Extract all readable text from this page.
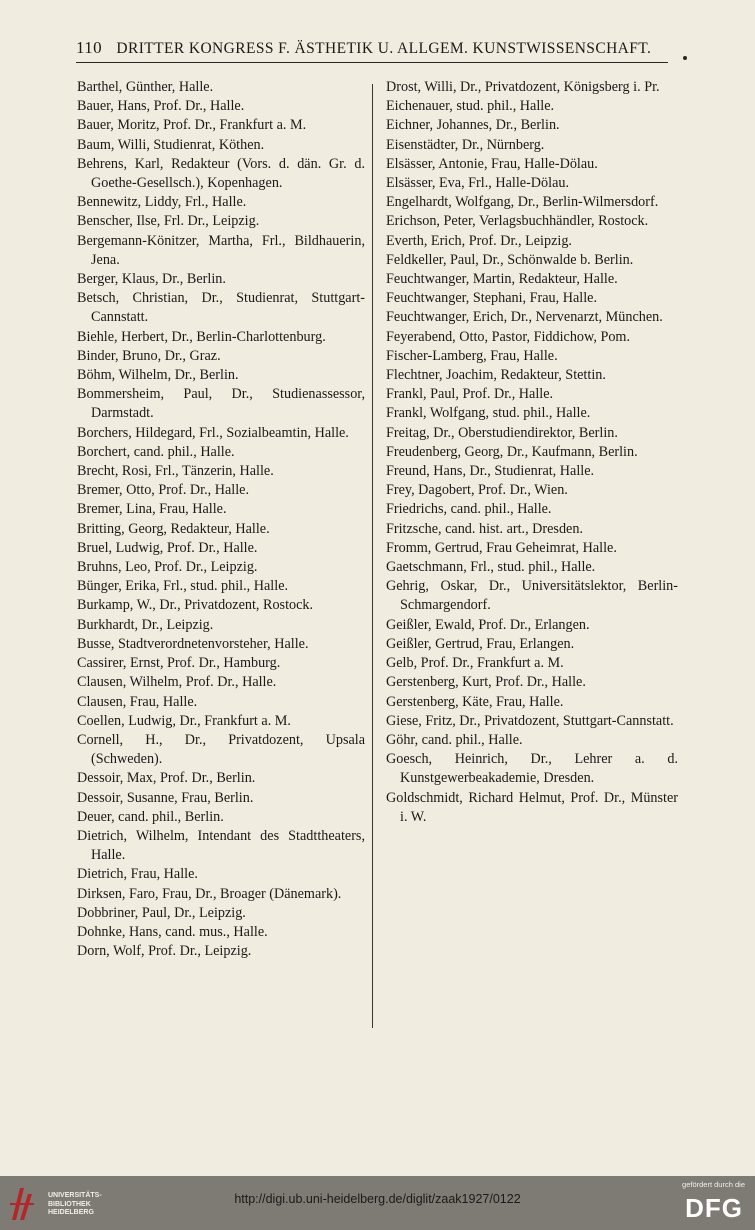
110 DRITTER KONGRESS F. ÄSTHETIK U. ALLGEM. KUNSTWISSENSCHAFT.

Barthel, Günther, Halle.

Bauer, Hans, Prof. Dr., Halle.

Bauer, Moritz, Prof. Dr., Frankfurt a. M.

Baum, Willi, Studienrat, Köthen.

Behrens, Karl, Redakteur (Vors. d. dän. Gr. d. Goethe-Gesellsch.), Kopenhagen.

Bennewitz, Liddy, Frl., Halle.

Benscher, Ilse, Frl. Dr., Leipzig.

Bergemann-Könitzer, Martha, Frl., Bildhauerin, Jena.

Berger, Klaus, Dr., Berlin.

Betsch, Christian, Dr., Studienrat, Stuttgart-Cannstatt.

Biehle, Herbert, Dr., Berlin-Charlottenburg.

Binder, Bruno, Dr., Graz.

Böhm, Wilhelm, Dr., Berlin.

Bommersheim, Paul, Dr., Studienassessor, Darmstadt.

Borchers, Hildegard, Frl., Sozialbeamtin, Halle.

Borchert, cand. phil., Halle.

Brecht, Rosi, Frl., Tänzerin, Halle.

Bremer, Otto, Prof. Dr., Halle.

Bremer, Lina, Frau, Halle.

Britting, Georg, Redakteur, Halle.

Bruel, Ludwig, Prof. Dr., Halle.

Bruhns, Leo, Prof. Dr., Leipzig.

Bünger, Erika, Frl., stud. phil., Halle.

Burkamp, W., Dr., Privatdozent, Rostock.

Burkhardt, Dr., Leipzig.

Busse, Stadtverordnetenvorsteher, Halle.

Cassirer, Ernst, Prof. Dr., Hamburg.

Clausen, Wilhelm, Prof. Dr., Halle.

Clausen, Frau, Halle.

Coellen, Ludwig, Dr., Frankfurt a. M.

Cornell, H., Dr., Privatdozent, Upsala (Schweden).

Dessoir, Max, Prof. Dr., Berlin.

Dessoir, Susanne, Frau, Berlin.

Deuer, cand. phil., Berlin.

Dietrich, Wilhelm, Intendant des Stadttheaters, Halle.

Dietrich, Frau, Halle.

Dirksen, Faro, Frau, Dr., Broager (Dänemark).

Dobbriner, Paul, Dr., Leipzig.

Dohnke, Hans, cand. mus., Halle.

Dorn, Wolf, Prof. Dr., Leipzig.

Drost, Willi, Dr., Privatdozent, Königsberg i. Pr.

Eichenauer, stud. phil., Halle.

Eichner, Johannes, Dr., Berlin.

Eisenstädter, Dr., Nürnberg.

Elsässer, Antonie, Frau, Halle-Dölau.

Elsässer, Eva, Frl., Halle-Dölau.

Engelhardt, Wolfgang, Dr., Berlin-Wilmersdorf.

Erichson, Peter, Verlagsbuchhändler, Rostock.

Everth, Erich, Prof. Dr., Leipzig.

Feldkeller, Paul, Dr., Schönwalde b. Berlin.

Feuchtwanger, Martin, Redakteur, Halle.

Feuchtwanger, Stephani, Frau, Halle.

Feuchtwanger, Erich, Dr., Nervenarzt, München.

Feyerabend, Otto, Pastor, Fiddichow, Pom.

Fischer-Lamberg, Frau, Halle.

Flechtner, Joachim, Redakteur, Stettin.

Frankl, Paul, Prof. Dr., Halle.

Frankl, Wolfgang, stud. phil., Halle.

Freitag, Dr., Oberstudiendirektor, Berlin.

Freudenberg, Georg, Dr., Kaufmann, Berlin.

Freund, Hans, Dr., Studienrat, Halle.

Frey, Dagobert, Prof. Dr., Wien.

Friedrichs, cand. phil., Halle.

Fritzsche, cand. hist. art., Dresden.

Fromm, Gertrud, Frau Geheimrat, Halle.

Gaetschmann, Frl., stud. phil., Halle.

Gehrig, Oskar, Dr., Universitätslektor, Berlin-Schmargendorf.

Geißler, Ewald, Prof. Dr., Erlangen.

Geißler, Gertrud, Frau, Erlangen.

Gelb, Prof. Dr., Frankfurt a. M.

Gerstenberg, Kurt, Prof. Dr., Halle.

Gerstenberg, Käte, Frau, Halle.

Giese, Fritz, Dr., Privatdozent, Stuttgart-Cannstatt.

Göhr, cand. phil., Halle.

Goesch, Heinrich, Dr., Lehrer a. d. Kunstgewerbeakademie, Dresden.

Goldschmidt, Richard Helmut, Prof. Dr., Münster i. W.

UNIVERSITÄTS-
BIBLIOTHEK
HEIDELBERG
http://digi.ub.uni-heidelberg.de/diglit/zaak1927/0122
gefördert durch die
DFG
